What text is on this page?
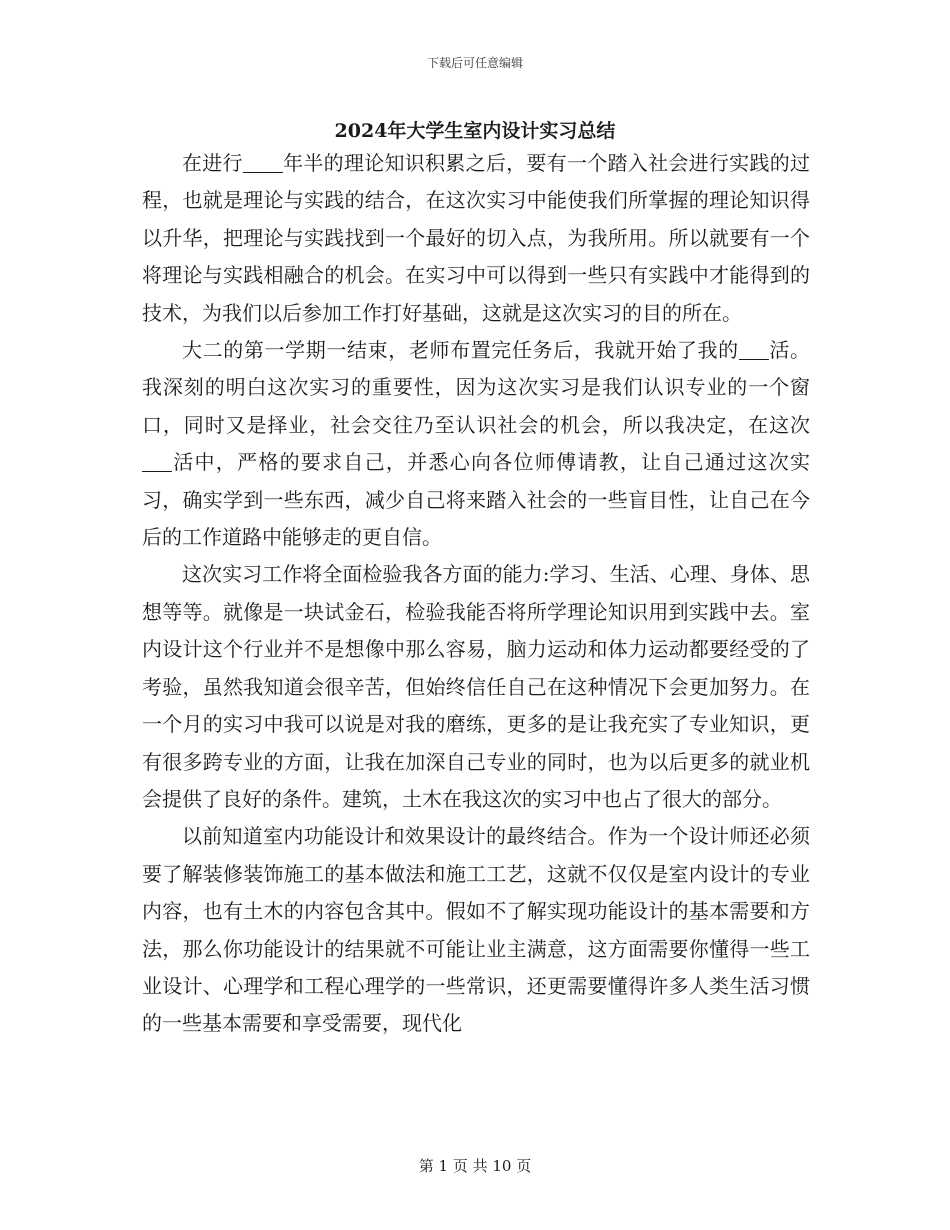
下载后可任意编辑
2024年大学生室内设计实习总结

在进行 年半的理论知识积累之后，要有一个踏入社会进行实践的过程，也就是理论与实践的结合，在这次实习中能使我们所掌握的理论知识得以升华，把理论与实践找到一个最好的切入点，为我所用。所以就要有一个将理论与实践相融合的机会。在实习中可以得到一些只有实践中才能得到的技术，为我们以后参加工作打好基础，这就是这次实习的目的所在。

大二的第一学期一结束，老师布置完任务后，我就开始了我的 活。我深刻的明白这次实习的重要性，因为这次实习是我们认识专业的一个窗口，同时又是择业，社会交往乃至认识社会的机会，所以我决定，在这次活中，严格的要求自己，并悉心向各位师傅请教，让自己通过这次实习，确实学到一些东西，减少自己将来踏入社会的一些盲目性，让自己在今后的工作道路中能够走的更自信。

这次实习工作将全面检验我各方面的能力:学习、生活、心理、身体、思想等等。就像是一块试金石，检验我能否将所学理论知识用到实践中去。室内设计这个行业并不是想像中那么容易，脑力运动和体力运动都要经受的了考验，虽然我知道会很辛苦，但始终信任自己在这种情况下会更加努力。在一个月的实习中我可以说是对我的磨练，更多的是让我充实了专业知识，更有很多跨专业的方面，让我在加深自己专业的同时，也为以后更多的就业机会提供了良好的条件。建筑，土木在我这次的实习中也占了很大的部分。

以前知道室内功能设计和效果设计的最终结合。作为一个设计师还必须要了解装修装饰施工的基本做法和施工工艺，这就不仅仅是室内设计的专业内容，也有土木的内容包含其中。假如不了解实现功能设计的基本需要和方法，那么你功能设计的结果就不可能让业主满意，这方面需要你懂得一些工业设计、心理学和工程心理学的一些常识，还更需要懂得许多人类生活习惯的一些基本需要和享受需要，现代化

第 1 页 共 10 页
